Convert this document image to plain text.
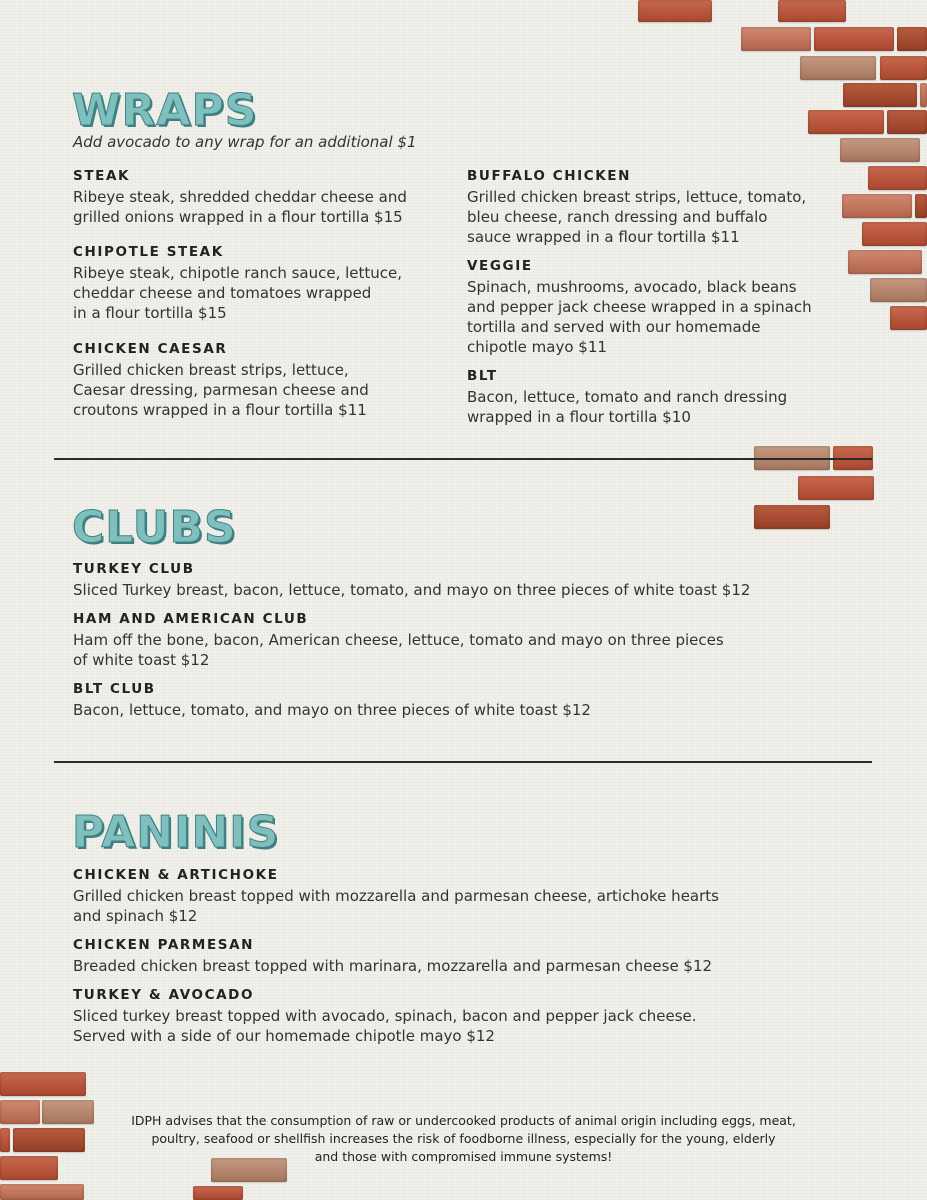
WRAPS
Add avocado to any wrap for an additional $1
STEAK
Ribeye steak, shredded cheddar cheese and
grilled onions wrapped in a flour tortilla $15
CHIPOTLE STEAK
Ribeye steak, chipotle ranch sauce, lettuce,
cheddar cheese and tomatoes wrapped
in a flour tortilla $15
CHICKEN CAESAR
Grilled chicken breast strips, lettuce,
Caesar dressing, parmesan cheese and
croutons wrapped in a flour tortilla $11
BUFFALO CHICKEN
Grilled chicken breast strips, lettuce, tomato,
bleu cheese, ranch dressing and buffalo
sauce wrapped in a flour tortilla $11
VEGGIE
Spinach, mushrooms, avocado, black beans
and pepper jack cheese wrapped in a spinach
tortilla and served with our homemade
chipotle mayo $11
BLT
Bacon, lettuce, tomato and ranch dressing
wrapped in a flour tortilla $10
CLUBS
TURKEY CLUB
Sliced Turkey breast, bacon, lettuce, tomato, and mayo on three pieces of white toast $12
HAM AND AMERICAN CLUB
Ham off the bone, bacon, American cheese, lettuce, tomato and mayo on three pieces
of white toast $12
BLT CLUB
Bacon, lettuce, tomato, and mayo on three pieces of white toast $12
PANINIS
CHICKEN & ARTICHOKE
Grilled chicken breast topped with mozzarella and parmesan cheese, artichoke hearts
and spinach $12
CHICKEN PARMESAN
Breaded chicken breast topped with marinara, mozzarella and parmesan cheese $12
TURKEY & AVOCADO
Sliced turkey breast topped with avocado, spinach, bacon and pepper jack cheese.
Served with a side of our homemade chipotle mayo $12
IDPH advises that the consumption of raw or undercooked products of animal origin including eggs, meat,
poultry, seafood or shellfish increases the risk of foodborne illness, especially for the young, elderly
and those with compromised immune systems!
